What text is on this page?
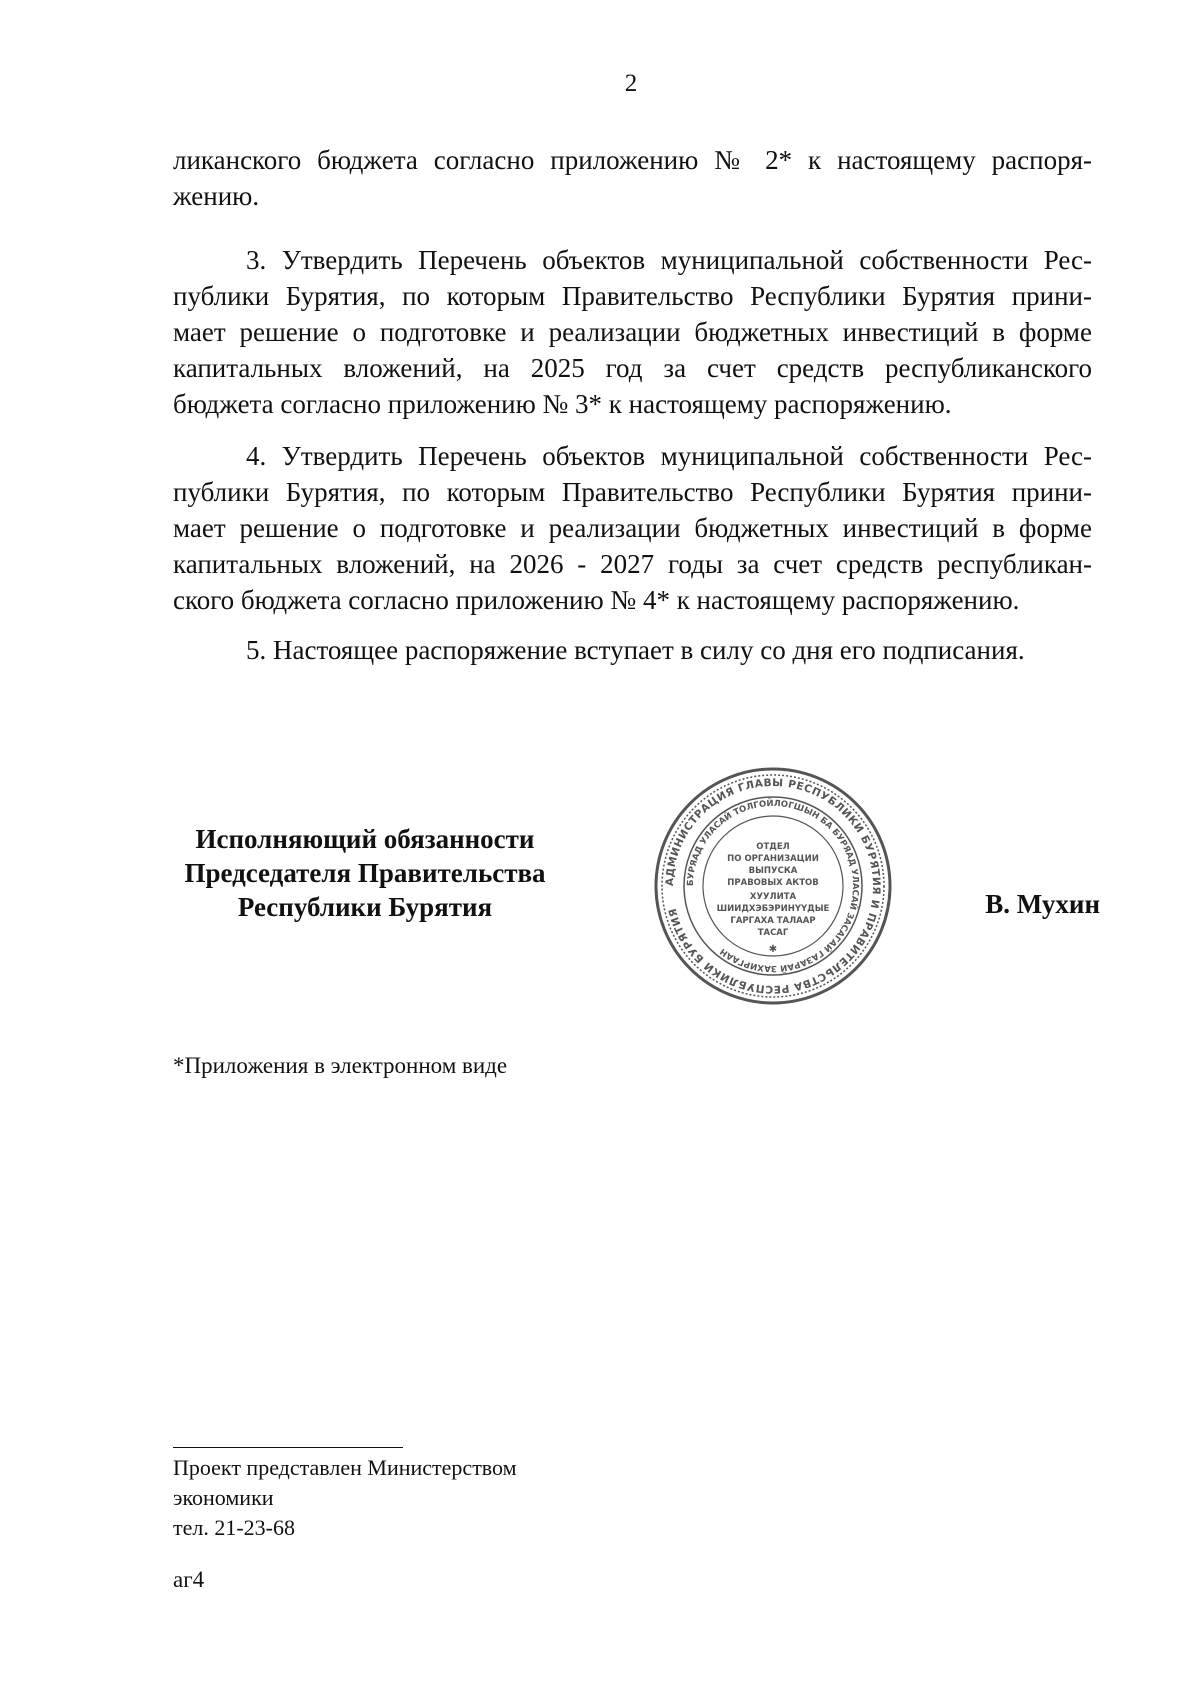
2
ликанского бюджета согласно приложению № 2* к настоящему распоря-
жению.
3. Утвердить Перечень объектов муниципальной собственности Рес-
публики Бурятия, по которым Правительство Республики Бурятия прини-
мает решение о подготовке и реализации бюджетных инвестиций в форме
капитальных вложений, на 2025 год за счет средств республиканского
бюджета согласно приложению № 3* к настоящему распоряжению.
4. Утвердить Перечень объектов муниципальной собственности Рес-
публики Бурятия, по которым Правительство Республики Бурятия прини-
мает решение о подготовке и реализации бюджетных инвестиций в форме
капитальных вложений, на 2026 - 2027 годы за счет средств республикан-
ского бюджета согласно приложению № 4* к настоящему распоряжению.
5. Настоящее распоряжение вступает в силу со дня его подписания.
Исполняющий обязанности
Председателя Правительства
Республики Бурятия
АДМИНИСТРАЦИЯ ГЛАВЫ РЕСПУБЛИКИ БУРЯТИЯ И ПРАВИТЕЛЬСТВА РЕСПУБЛИКИ БУРЯТИЯ
БУРЯАД УЛАСАЙ ТОЛГОЙЛОГШЫН БА БУРЯАД УЛАСАЙ ЗАСАГАЙ ГАЗАРАЙ ЗАХИРГААН
ОТДЕЛ
ПО ОРГАНИЗАЦИИ
ВЫПУСКА
ПРАВОВЫХ АКТОВ
ХУУЛИТА
ШИИДХЭБЭРИНҮҮДЫЕ
ГАРГАХА ТАЛААР
ТАСАГ
✱
В. Мухин
*Приложения в электронном виде
Проект представлен Министерством
экономики
тел. 21-23-68
аг4
